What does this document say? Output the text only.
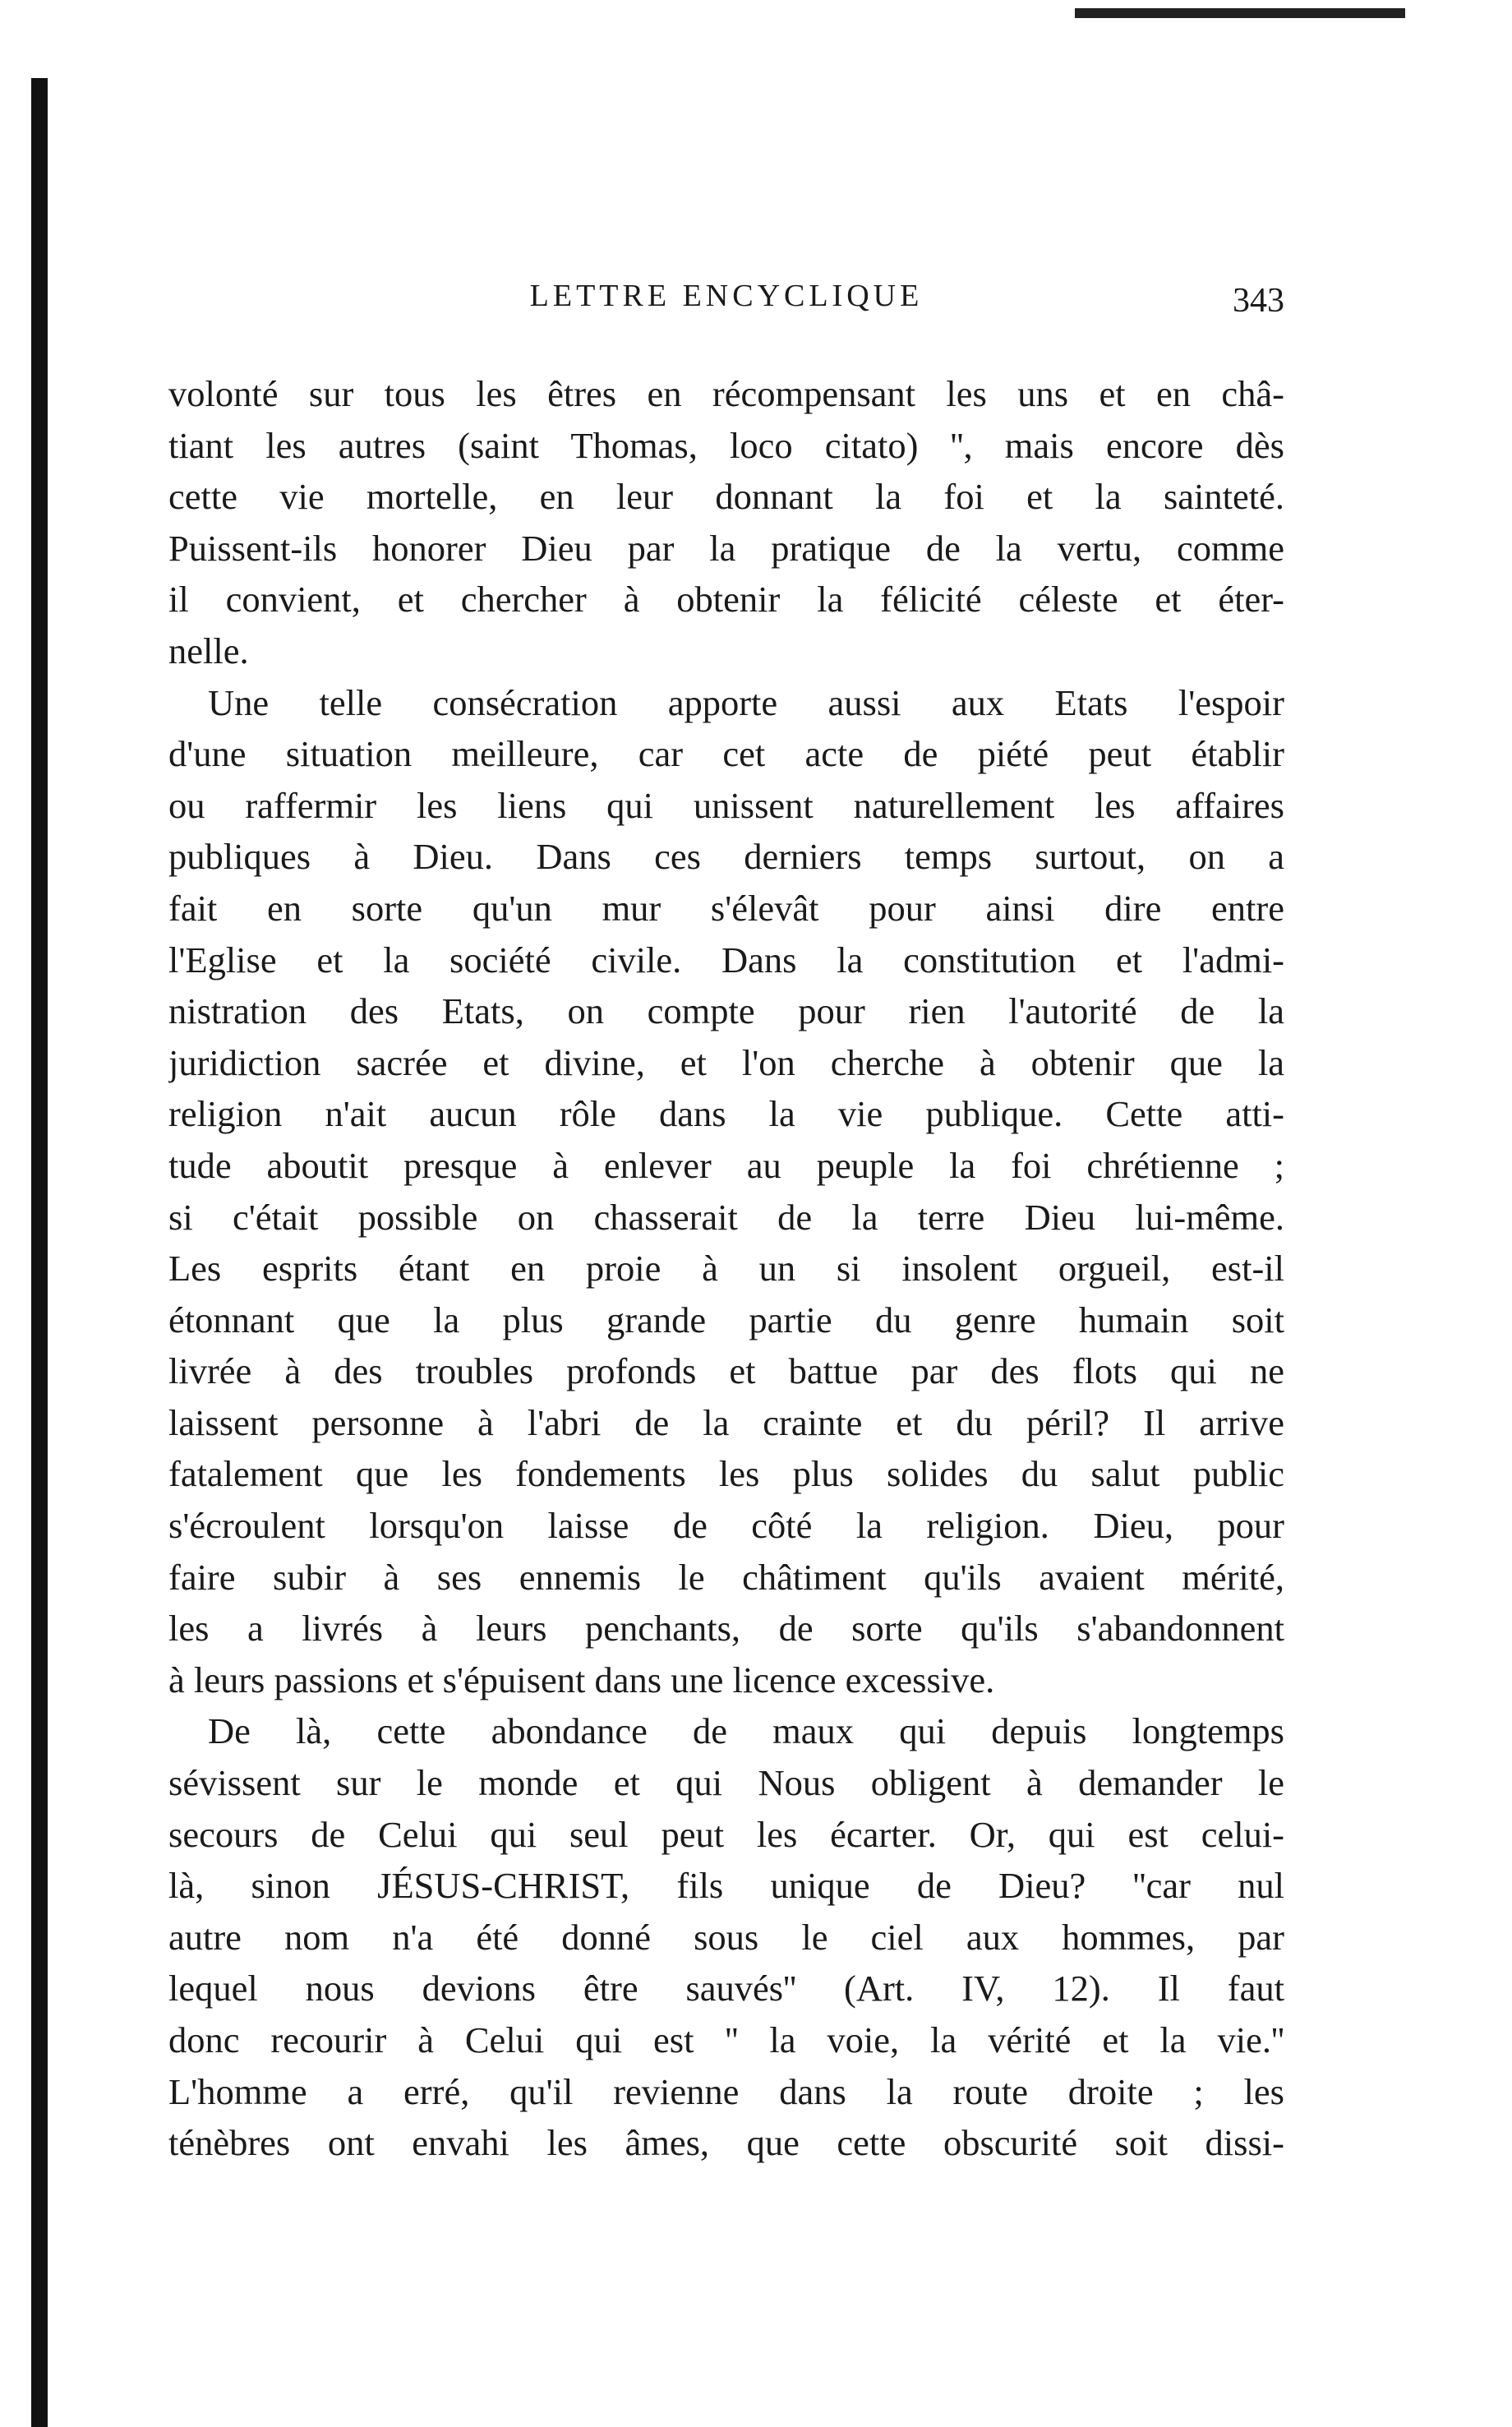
LETTRE ENCYCLIQUE	343
volonté sur tous les êtres en récompensant les uns et en châ-
tiant les autres (saint Thomas, loco citato) '', mais encore dès
cette vie mortelle, en leur donnant la foi et la sainteté.
Puissent-ils honorer Dieu par la pratique de la vertu, comme
il convient, et chercher à obtenir la félicité céleste et éter-
nelle.
Une telle consécration apporte aussi aux Etats l'espoir
d'une situation meilleure, car cet acte de piété peut établir
ou raffermir les liens qui unissent naturellement les affaires
publiques à Dieu. Dans ces derniers temps surtout, on a
fait en sorte qu'un mur s'élevât pour ainsi dire entre
l'Eglise et la société civile. Dans la constitution et l'admi-
nistration des Etats, on compte pour rien l'autorité de la
juridiction sacrée et divine, et l'on cherche à obtenir que la
religion n'ait aucun rôle dans la vie publique. Cette atti-
tude aboutit presque à enlever au peuple la foi chrétienne ;
si c'était possible on chasserait de la terre Dieu lui-même.
Les esprits étant en proie à un si insolent orgueil, est-il
étonnant que la plus grande partie du genre humain soit
livrée à des troubles profonds et battue par des flots qui ne
laissent personne à l'abri de la crainte et du péril? Il arrive
fatalement que les fondements les plus solides du salut public
s'écroulent lorsqu'on laisse de côté la religion. Dieu, pour
faire subir à ses ennemis le châtiment qu'ils avaient mérité,
les a livrés à leurs penchants, de sorte qu'ils s'abandonnent
à leurs passions et s'épuisent dans une licence excessive.
De là, cette abondance de maux qui depuis longtemps
sévissent sur le monde et qui Nous obligent à demander le
secours de Celui qui seul peut les écarter. Or, qui est celui-
là, sinon JÉSUS-CHRIST, fils unique de Dieu? ''car nul
autre nom n'a été donné sous le ciel aux hommes, par
lequel nous devions être sauvés'' (Art. IV, 12). Il faut
donc recourir à Celui qui est '' la voie, la vérité et la vie.''
L'homme a erré, qu'il revienne dans la route droite ; les
ténèbres ont envahi les âmes, que cette obscurité soit dissi-
